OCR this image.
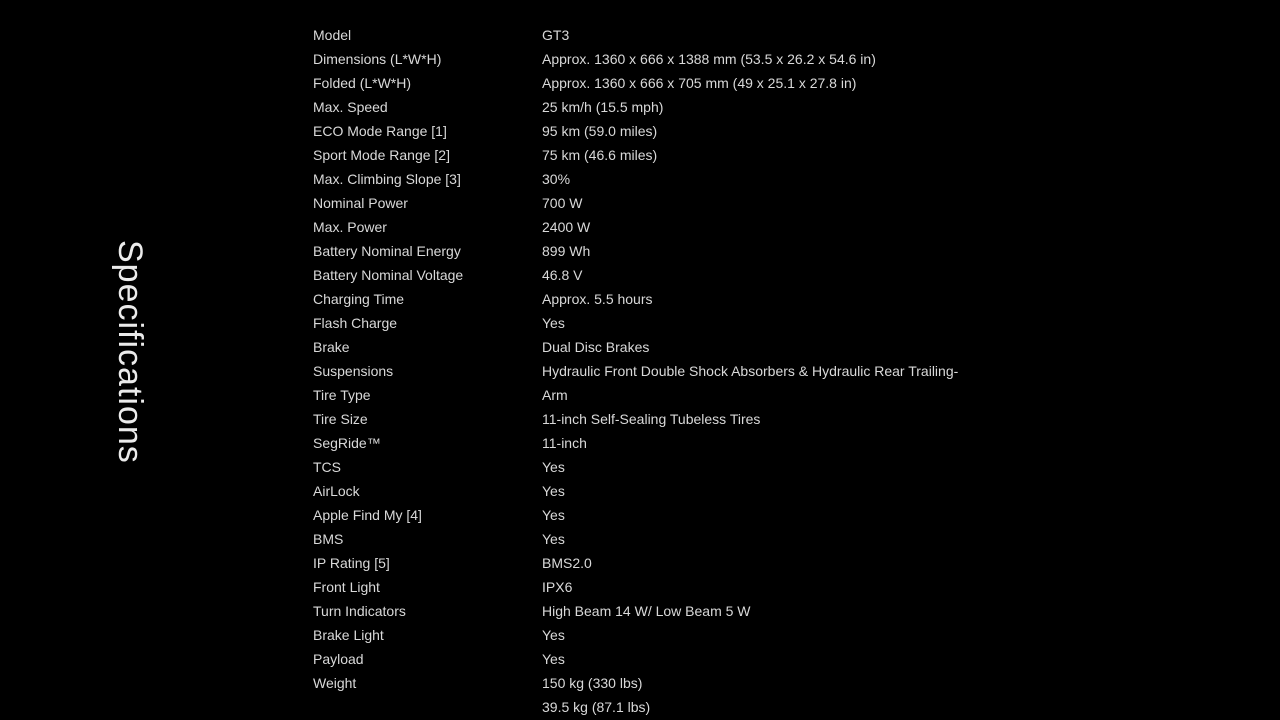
Specifications
Model	GT3
Dimensions (L*W*H)	Approx. 1360 x 666 x 1388 mm (53.5 x 26.2 x 54.6 in)
Folded (L*W*H)	Approx. 1360 x 666 x 705 mm (49 x 25.1 x 27.8 in)
Max. Speed	25 km/h (15.5 mph)
ECO Mode Range [1]	95 km (59.0 miles)
Sport Mode Range [2]	75 km (46.6 miles)
Max. Climbing Slope [3]	30%
Nominal Power	700 W
Max. Power	2400 W
Battery Nominal Energy	899 Wh
Battery Nominal Voltage	46.8 V
Charging Time	Approx. 5.5 hours
Flash Charge	Yes
Brake	Dual Disc Brakes
Suspensions	Hydraulic Front Double Shock Absorbers & Hydraulic Rear Trailing-
Tire Type	Arm
Tire Size	11-inch Self-Sealing Tubeless Tires
SegRide™	11-inch
TCS	Yes
AirLock	Yes
Apple Find My [4]	Yes
BMS	Yes
IP Rating [5]	BMS2.0
Front Light	IPX6
Turn Indicators	High Beam 14 W/ Low Beam 5 W
Brake Light	Yes
Payload	Yes
Weight	150 kg (330 lbs)
39.5 kg (87.1 lbs)
